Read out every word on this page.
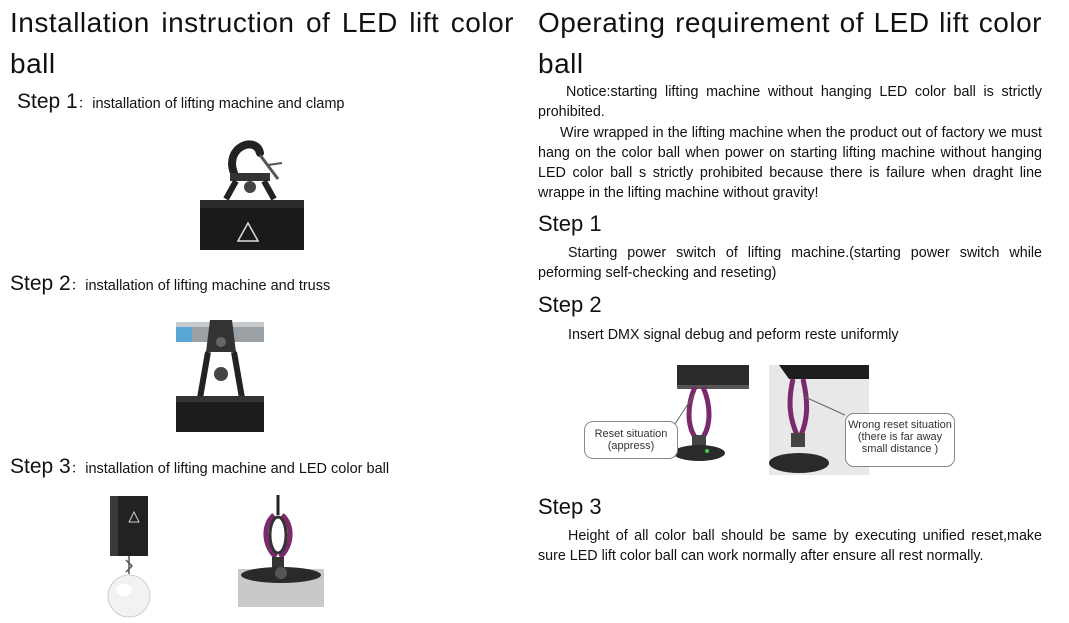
Installation instruction of LED lift color ball
Step 1：installation of lifting machine and clamp
Step 2：installation of lifting machine and truss
Step 3：installation of lifting machine and LED color ball
Operating requirement of LED lift color ball
Notice:starting lifting machine without hanging LED color ball is strictly prohibited.
Wire wrapped in the lifting machine when the product out of factory we must hang on the color ball when power on starting lifting machine without hanging LED color ball s strictly prohibited because there is failure when draght line wrappe in the lifting machine without gravity!
Step 1
Starting power switch of lifting machine.(starting power switch while peforming self-checking and reseting)
Step 2
Insert DMX signal debug and peform reste uniformly
Reset situation
(appress)
Wrong reset situation
(there is far away
small distance )
Step 3
Height of all color ball should be same by executing unified reset,make sure LED lift color ball can work normally after ensure all rest normally.
